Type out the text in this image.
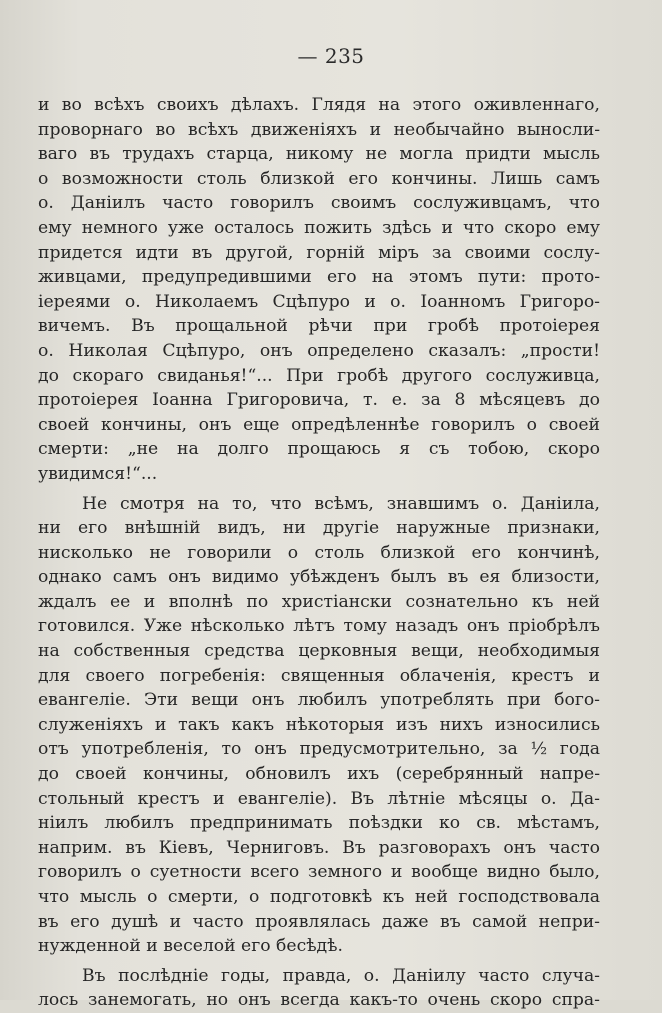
— 235
и во всѣхъ своихъ дѣлахъ. Глядя на этого оживленнаго,
проворнаго во всѣхъ движеніяхъ и необычайно выносли-
ваго въ трудахъ старца, никому не могла придти мысль
о возможности столь близкой его кончины. Лишь самъ
о. Даніилъ часто говорилъ своимъ сослуживцамъ, что
ему немного уже осталось пожить здѣсь и что скоро ему
придется идти въ другой, горній міръ за своими сослу-
живцами, предупредившими его на этомъ пути: прото-
іереями о. Николаемъ Сцѣпуро и о. Іоанномъ Григоро-
вичемъ. Въ прощальной рѣчи при гробѣ протоіерея
о. Николая Сцѣпуро, онъ определено сказалъ: „прости!
до скораго свиданья!“... При гробѣ другого сослуживца,
протоіерея Іоанна Григоровича, т. е. за 8 мѣсяцевъ до
своей кончины, онъ еще опредѣленнѣе говорилъ о своей
смерти: „не на долго прощаюсь я съ тобою, скоро
увидимся!“...
Не смотря на то, что всѣмъ, знавшимъ о. Даніила,
ни его внѣшній видъ, ни другіе наружные признаки,
нисколько не говорили о столь близкой его кончинѣ,
однако самъ онъ видимо убѣжденъ былъ въ ея близости,
ждалъ ее и вполнѣ по христіански сознательно къ ней
готовился. Уже нѣсколько лѣтъ тому назадъ онъ пріобрѣлъ
на собственныя средства церковныя вещи, необходимыя
для своего погребенія: священныя облаченія, крестъ и
евангеліе. Эти вещи онъ любилъ употреблять при бого-
служеніяхъ и такъ какъ нѣкоторыя изъ нихъ износились
отъ употребленія, то онъ предусмотрительно, за ½ года
до своей кончины, обновилъ ихъ (серебрянный напре-
стольный крестъ и евангеліе). Въ лѣтніе мѣсяцы о. Да-
ніилъ любилъ предпринимать поѣздки ко св. мѣстамъ,
наприм. въ Кіевъ, Черниговъ. Въ разговорахъ онъ часто
говорилъ о суетности всего земного и вообще видно было,
что мысль о смерти, о подготовкѣ къ ней господствовала
въ его душѣ и часто проявлялась даже въ самой непри-
нужденной и веселой его бесѣдѣ.
Въ послѣдніе годы, правда, о. Даніилу часто случа-
лось занемогать, но онъ всегда какъ-то очень скоро спра-
